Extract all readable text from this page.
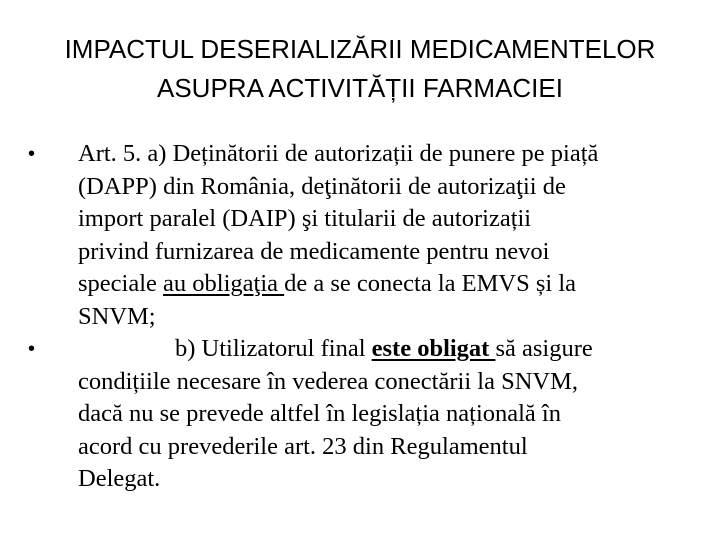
IMPACTUL DESERIALIZĂRII MEDICAMENTELOR
ASUPRA ACTIVITĂȚII FARMACIEI
•	Art. 5. a) Deținătorii de autorizații de punere pe piață
(DAPP) din România, deţinătorii de autorizaţii de
import paralel (DAIP) şi titularii de autorizații
privind furnizarea de medicamente pentru nevoi
speciale au obligaţia de a se conecta la EMVS și la
SNVM;
•	b) Utilizatorul final este obligat să asigure
condițiile necesare în vederea conectării la SNVM,
dacă nu se prevede altfel în legislația națională în
acord cu prevederile art. 23 din Regulamentul
Delegat.
